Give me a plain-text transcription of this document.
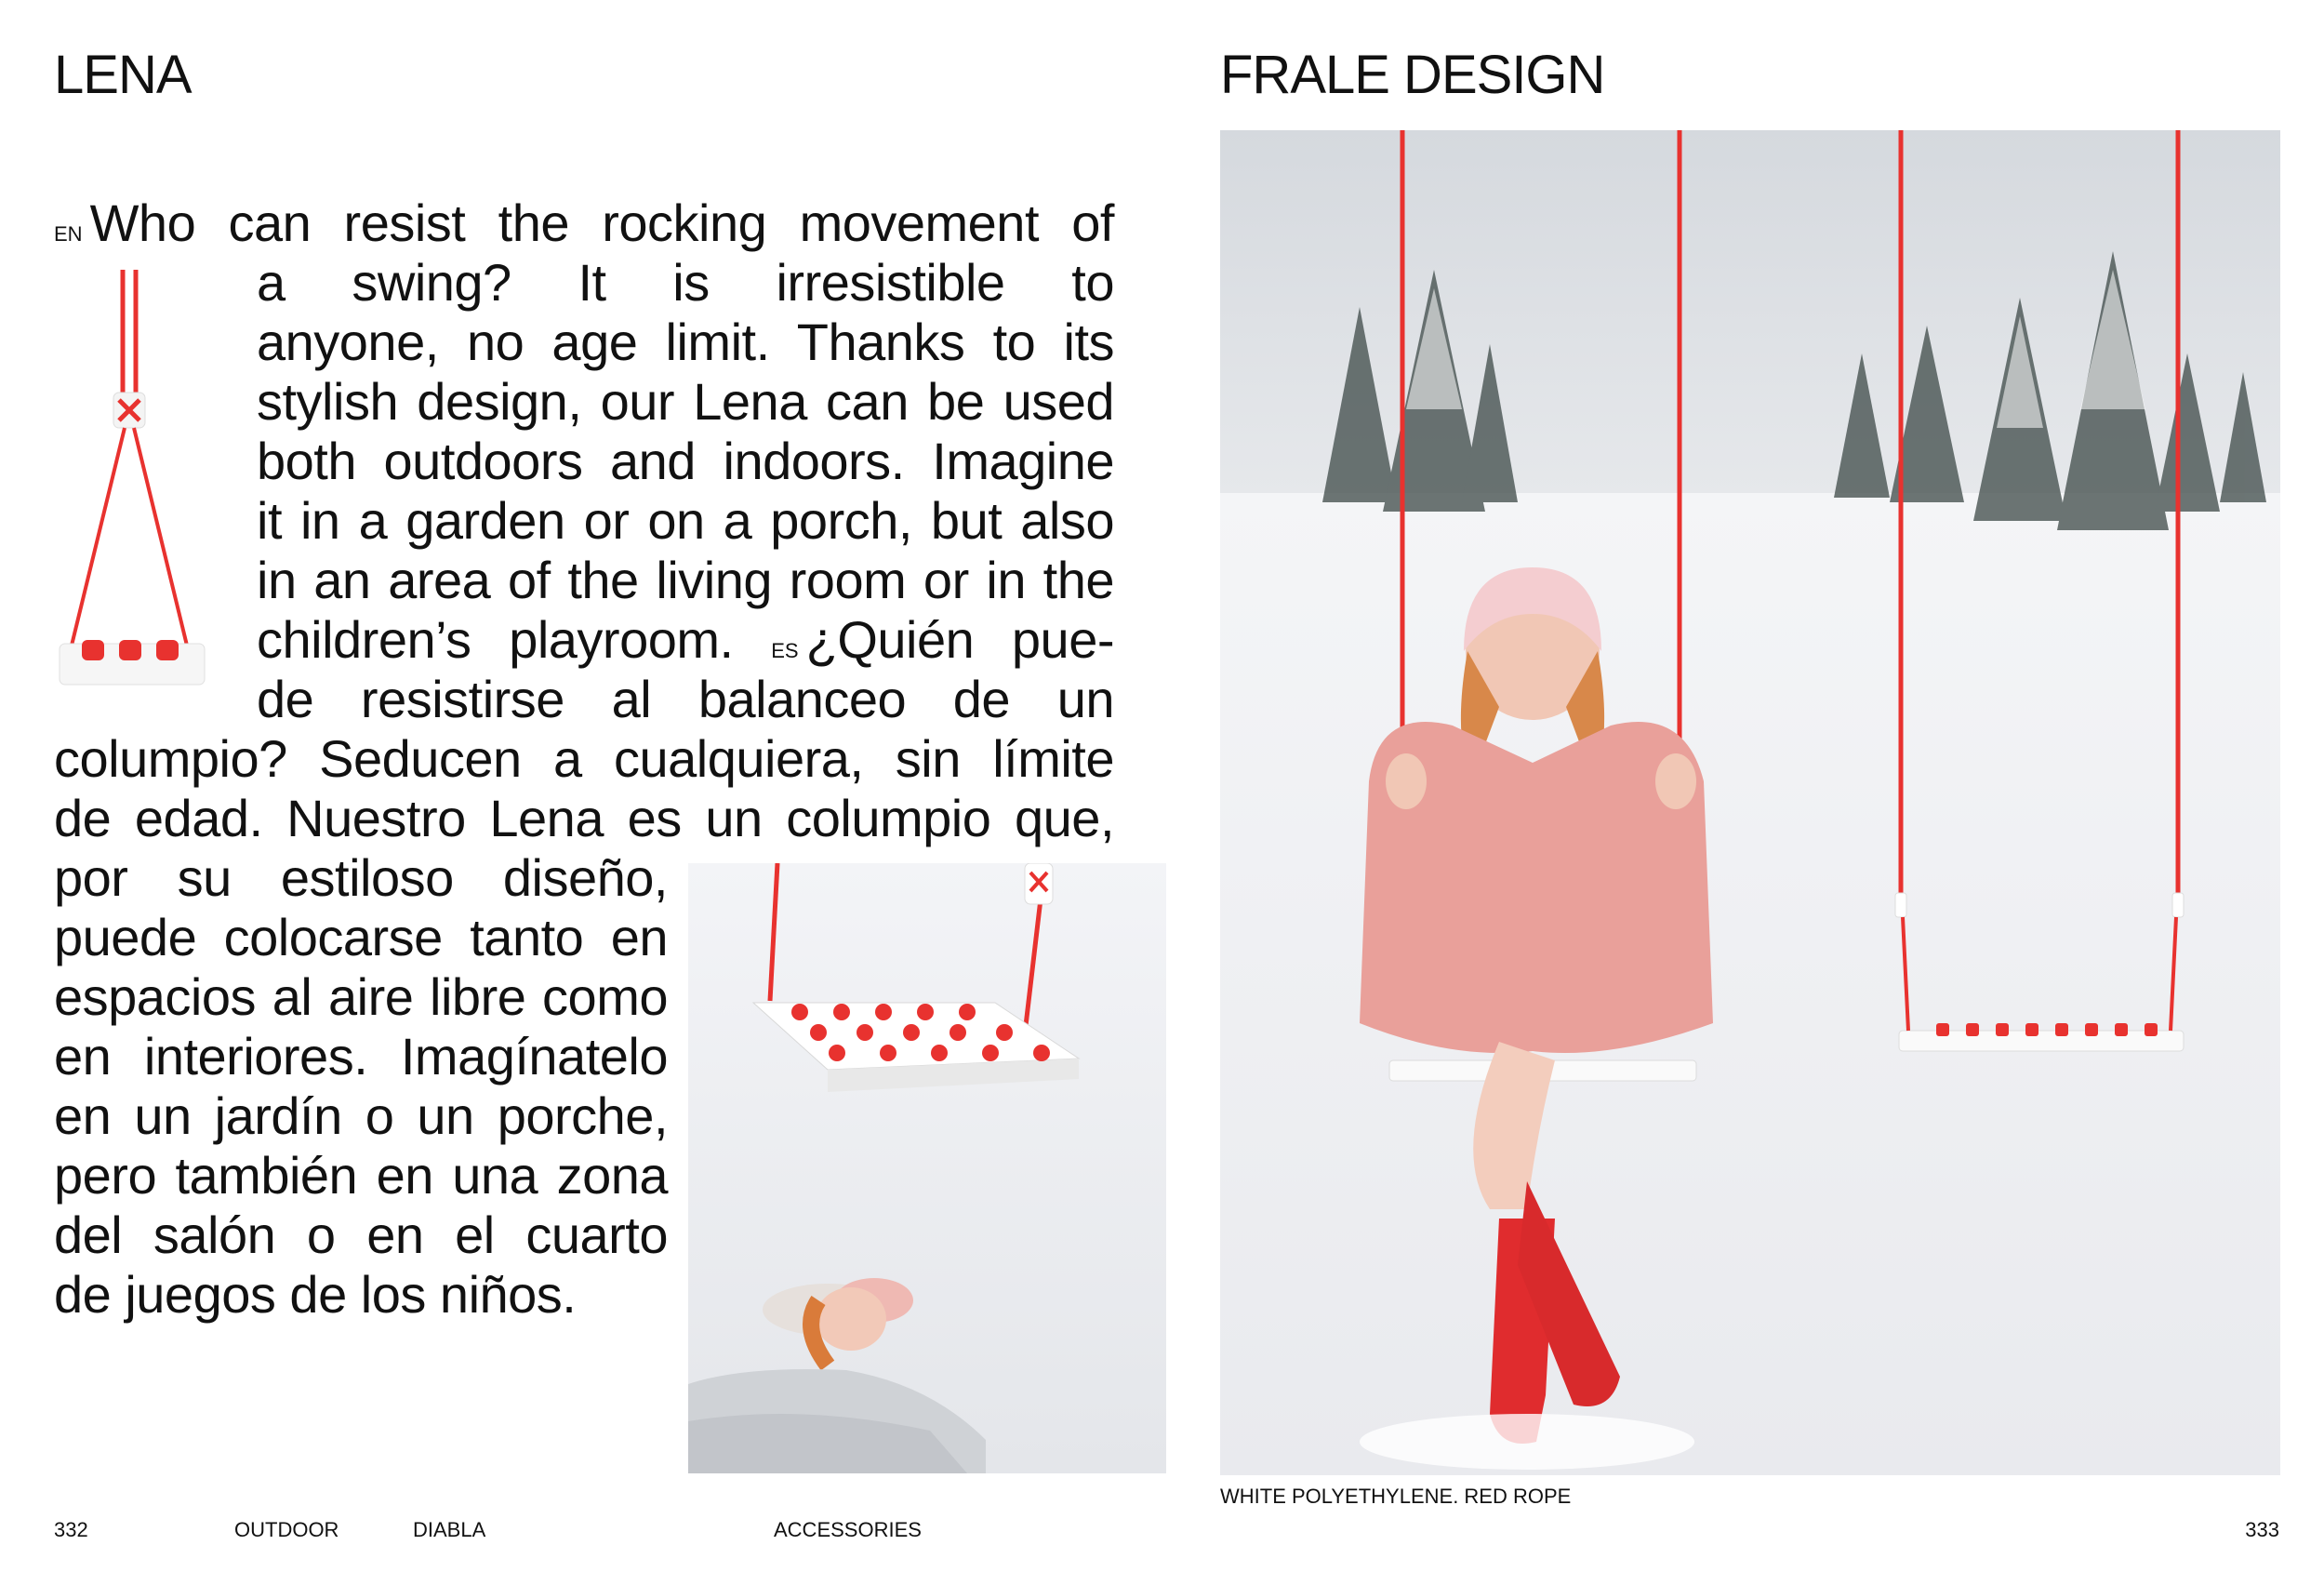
LENA	FRALE DESIGN
EN Who can resist the rocking movement of
a swing? It is irresistible to
anyone, no age limit. Thanks to its
stylish design, our Lena can be used
both outdoors and indoors. Imagine
it in a garden or on a porch, but also
in an area of the living room or in the
children’s playroom. ES ¿Quién pue-
de resistirse al balanceo de un
columpio? Seducen a cualquiera, sin límite
de edad. Nuestro Lena es un columpio que,
por su estiloso diseño,
puede colocarse tanto en
espacios al aire libre como
en interiores. Imagínatelo
en un jardín o un porche,
pero también en una zona
del salón o en el cuarto
de juegos de los niños.
WHITE POLYETHYLENE. RED ROPE
332	OUTDOOR	DIABLA	ACCESSORIES	333
